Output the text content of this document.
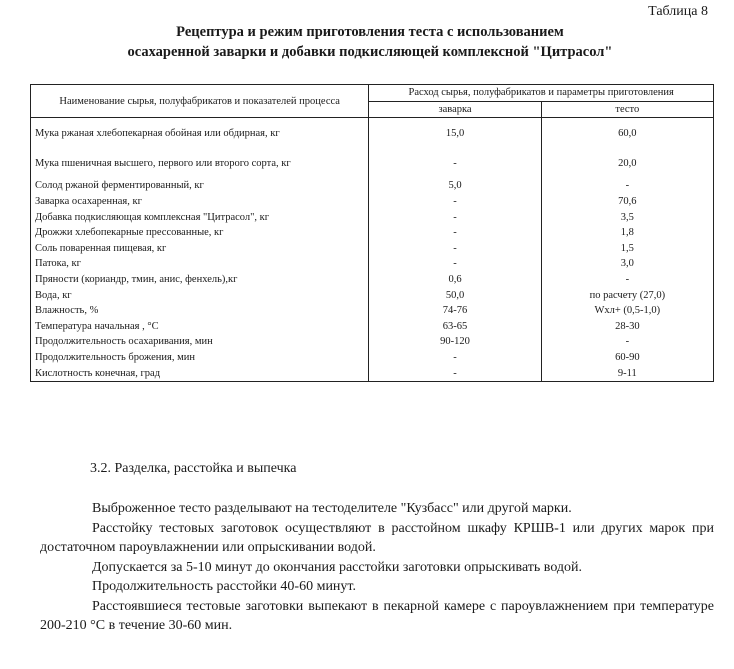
Таблица 8
Рецептура и режим приготовления теста с использованием
осахаренной заварки и добавки подкисляющей комплексной "Цитрасол"
Наименование сырья, полуфабрикатов и показателей процесса	Расход сырья, полуфабрикатов и параметры приготовления	
	заварка	тесто
Мука ржаная хлебопекарная обойная или обдирная, кг	15,0	60,0
Мука пшеничная высшего, первого или второго сорта, кг	-	20,0
Солод ржаной ферментированный, кг	5,0	-
Заварка осахаренная, кг	-	70,6
Добавка подкисляющая комплексная "Цитрасол", кг	-	3,5
Дрожжи хлебопекарные прессованные, кг	-	1,8
Соль поваренная пищевая, кг	-	1,5
Патока, кг	-	3,0
Пряности (кориандр, тмин, анис, фенхель),кг	0,6	-
Вода, кг	50,0	по расчету (27,0)
Влажность, %	74-76	Wхл+ (0,5-1,0)
Температура начальная , °С	63-65	28-30
Продолжительность осахаривания, мин	90-120	-
Продолжительность брожения, мин	-	60-90
Кислотность конечная, град	-	9-11
3.2. Разделка, расстойка и выпечка

Выброженное тесто разделывают на тестоделителе "Кузбасс" или другой марки.

Расстойку тестовых заготовок осуществляют в расстойном шкафу КРШВ-1 или других марок при достаточном пароувлажнении или опрыскивании водой.

Допускается за 5-10 минут до окончания расстойки заготовки опрыскивать водой.

Продолжительность расстойки 40-60 минут.

Расстоявшиеся тестовые заготовки выпекают в пекарной камере с пароувлажнением при температуре 200-210 °С в течение 30-60 мин.
